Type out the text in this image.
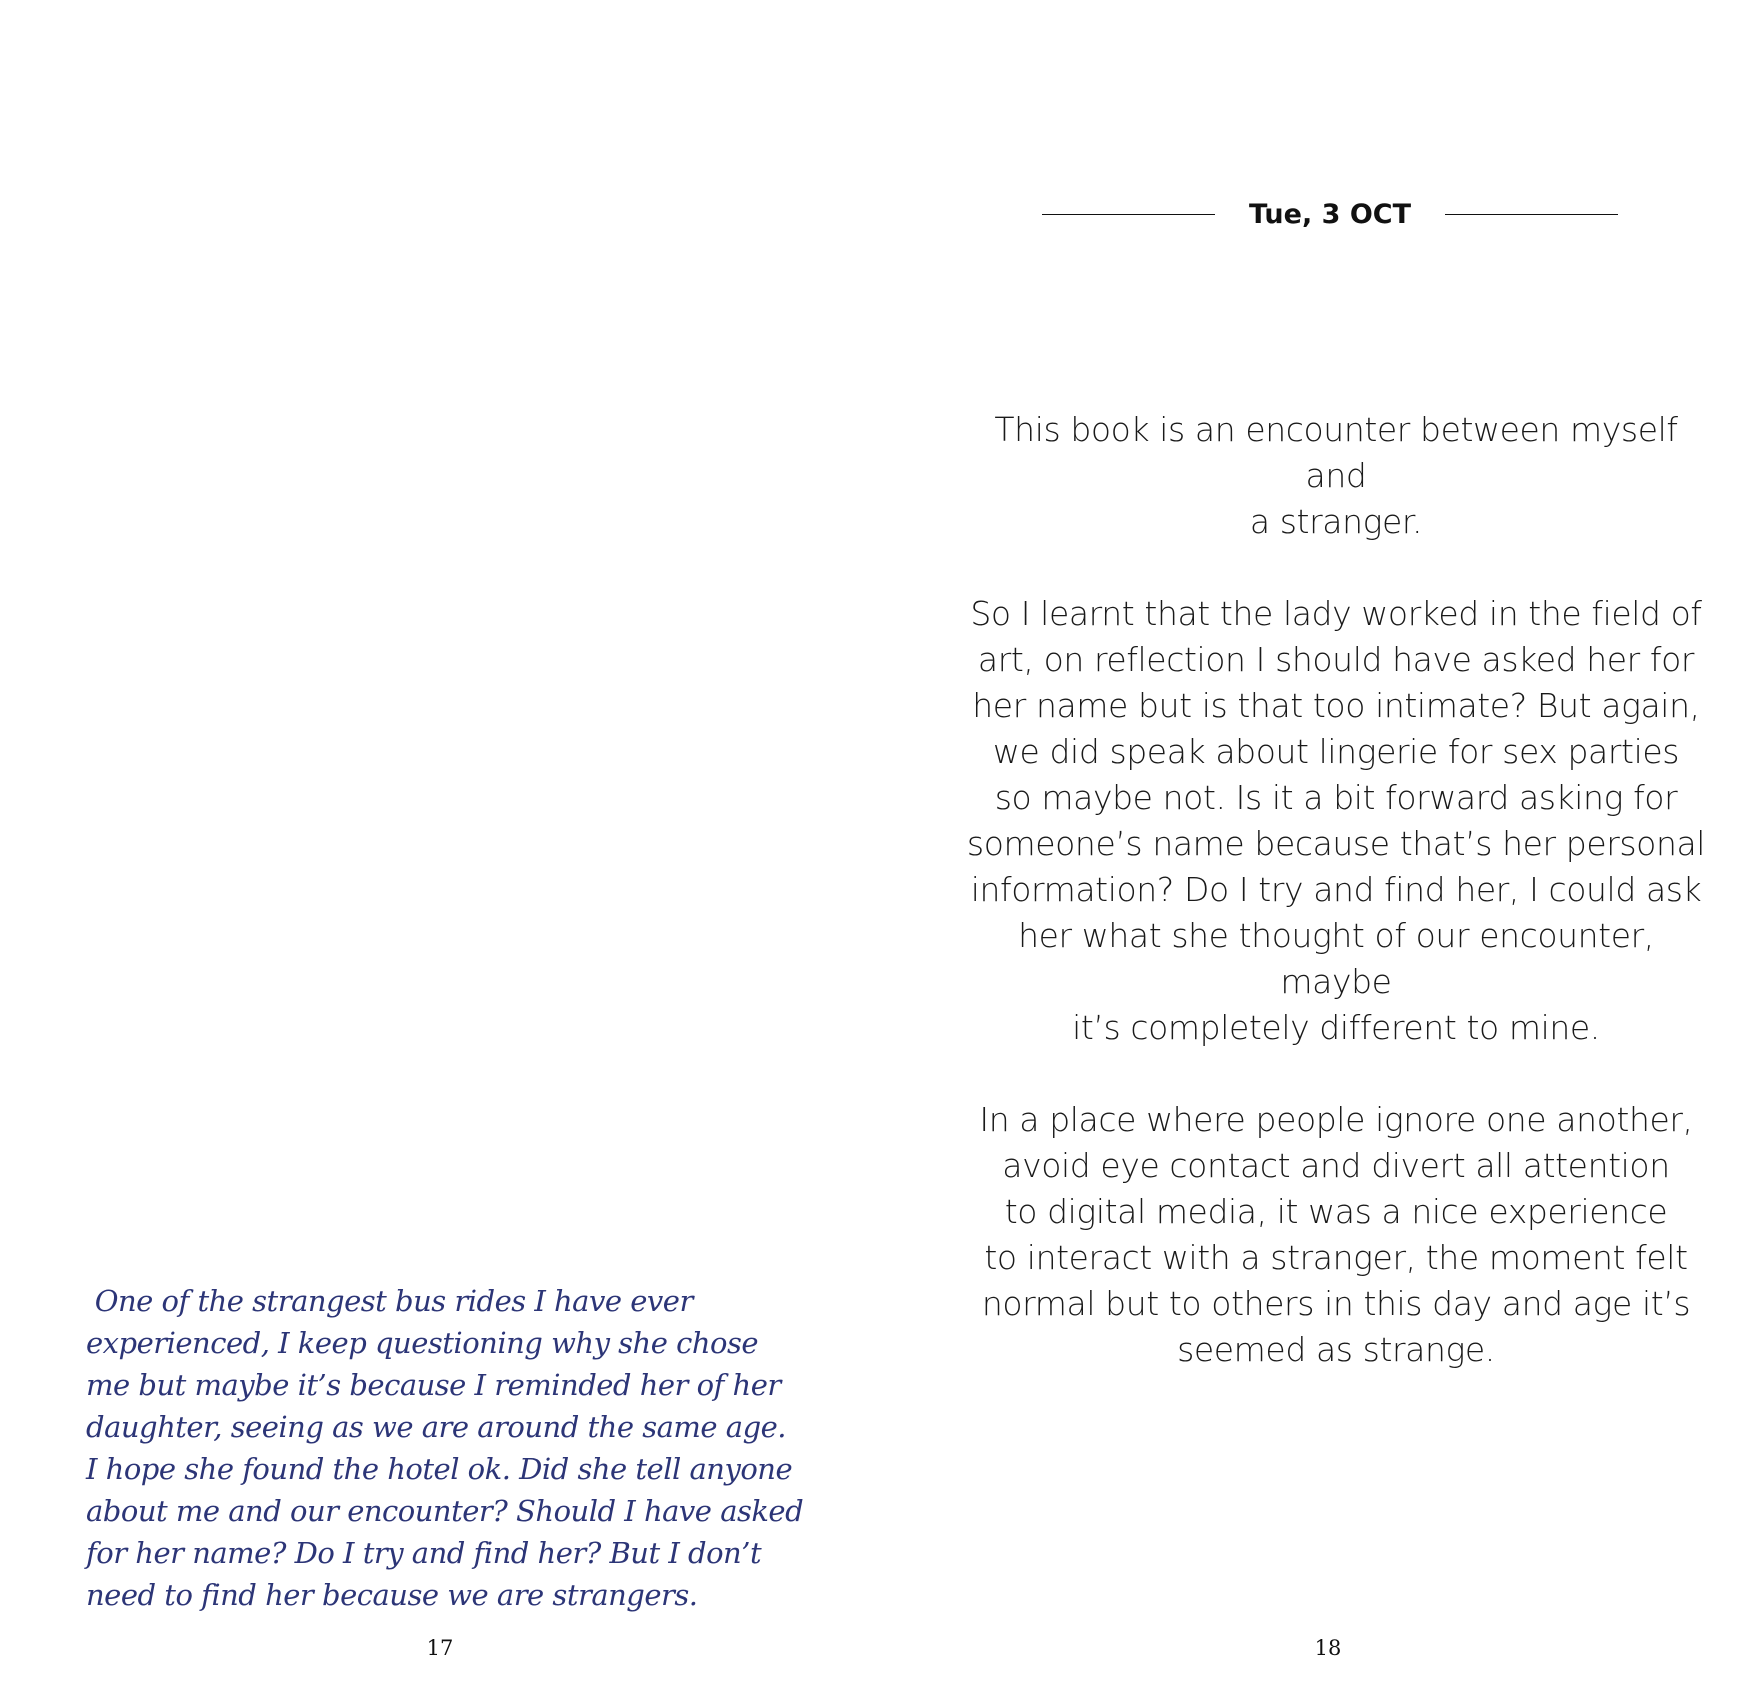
Tue, 3 OCT

This book is an encounter between myself and
a stranger.

So I learnt that the lady worked in the field of
art, on reflection I should have asked her for
her name but is that too intimate? But again,
we did speak about lingerie for sex parties
so maybe not. Is it a bit forward asking for
someone’s name because that’s her personal
information? Do I try and find her, I could ask
her what she thought of our encounter, maybe
it’s completely different to mine.

In a place where people ignore one another,
avoid eye contact and divert all attention
to digital media, it was a nice experience
to interact with a stranger, the moment felt
normal but to others in this day and age it’s
seemed as strange.

One of the strangest bus rides I have ever
experienced, I keep questioning why she chose
me but maybe it’s because I reminded her of her
daughter, seeing as we are around the same age.
I hope she found the hotel ok. Did she tell anyone
about me and our encounter? Should I have asked
for her name? Do I try and find her? But I don’t
need to find her because we are strangers.
17	18
